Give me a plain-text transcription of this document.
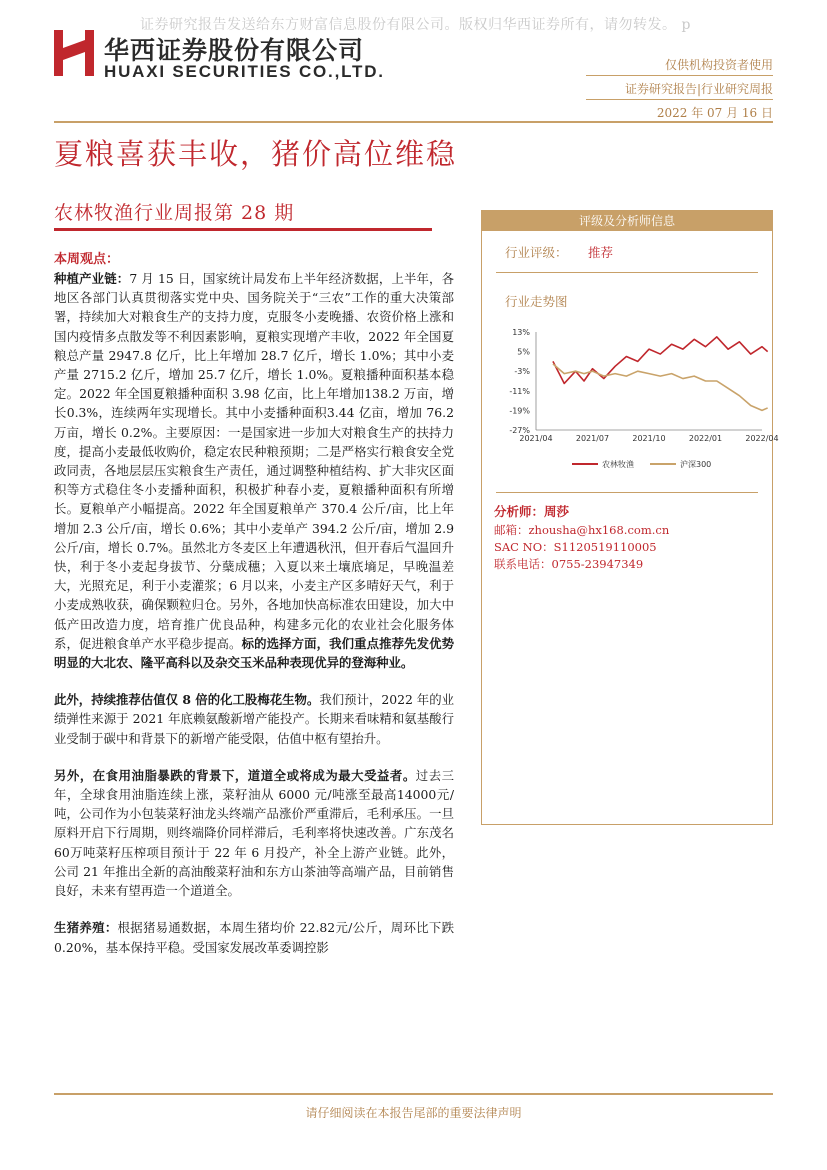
证券研究报告发送给东方财富信息股份有限公司。版权归华西证券所有，请勿转发。 p
华西证券股份有限公司
HUAXI SECURITIES CO.,LTD.	仅供机构投资者使用
证券研究报告|行业研究周报
2022 年 07 月 16 日
夏粮喜获丰收，猪价高位维稳
农林牧渔行业周报第 28 期
本周观点：

种植产业链：7 月 15 日，国家统计局发布上半年经济数据，上半年，各地区各部门认真贯彻落实党中央、国务院关于“三农”工作的重大决策部署，持续加大对粮食生产的支持力度，克服冬小麦晚播、农资价格上涨和国内疫情多点散发等不利因素影响，夏粮实现增产丰收，2022 年全国夏粮总产量 2947.8 亿斤，比上年增加 28.7 亿斤，增长 1.0%；其中小麦产量 2715.2 亿斤，增加 25.7 亿斤，增长 1.0%。夏粮播种面积基本稳定。2022 年全国夏粮播种面积 3.98 亿亩，比上年增加138.2 万亩，增长0.3%，连续两年实现增长。其中小麦播种面积3.44 亿亩，增加 76.2 万亩，增长 0.2%。主要原因：一是国家进一步加大对粮食生产的扶持力度，提高小麦最低收购价，稳定农民种粮预期；二是严格实行粮食安全党政同责，各地层层压实粮食生产责任，通过调整种植结构、扩大非灾区面积等方式稳住冬小麦播种面积，积极扩种春小麦，夏粮播种面积有所增长。夏粮单产小幅提高。2022 年全国夏粮单产 370.4 公斤/亩，比上年增加 2.3 公斤/亩，增长 0.6%；其中小麦单产 394.2 公斤/亩，增加 2.9 公斤/亩，增长 0.7%。虽然北方冬麦区上年遭遇秋汛，但开春后气温回升快，利于冬小麦起身拔节、分蘖成穗；入夏以来土壤底墒足，早晚温差大，光照充足，利于小麦灌浆；6 月以来，小麦主产区多晴好天气，利于小麦成熟收获，确保颗粒归仓。另外，各地加快高标准农田建设，加大中低产田改造力度，培育推广优良品种，构建多元化的农业社会化服务体系，促进粮食单产水平稳步提高。标的选择方面，我们重点推荐先发优势明显的大北农、隆平高科以及杂交玉米品种表现优异的登海种业。

此外，持续推荐估值仅 8 倍的化工股梅花生物。我们预计，2022 年的业绩弹性来源于 2021 年底赖氨酸新增产能投产。长期来看味精和氨基酸行业受制于碳中和背景下的新增产能受限，估值中枢有望抬升。

另外，在食用油脂暴跌的背景下，道道全或将成为最大受益者。过去三年，全球食用油脂连续上涨，菜籽油从 6000 元/吨涨至最高14000元/吨，公司作为小包装菜籽油龙头终端产品涨价严重滞后，毛利承压。一旦原料开启下行周期，则终端降价同样滞后，毛利率将快速改善。广东茂名60万吨菜籽压榨项目预计于 22 年 6 月投产，补全上游产业链。此外，公司 21 年推出全新的高油酸菜籽油和东方山茶油等高端产品，目前销售良好，未来有望再造一个道道全。

生猪养殖：根据猪易通数据，本周生猪均价 22.82元/公斤，周环比下跌 0.20%，基本保持平稳。受国家发展改革委调控影

评级及分析师信息
行业评级： 推荐
行业走势图
13%
5%
-3%
-11%
-19%
-27%
2021/04	2021/07	2021/10	2022/01	2022/04
农林牧渔	沪深300
分析师：周莎
邮箱：zhousha@hx168.com.cn
SAC NO：S1120519110005
联系电话：0755-23947349
请仔细阅读在本报告尾部的重要法律声明
